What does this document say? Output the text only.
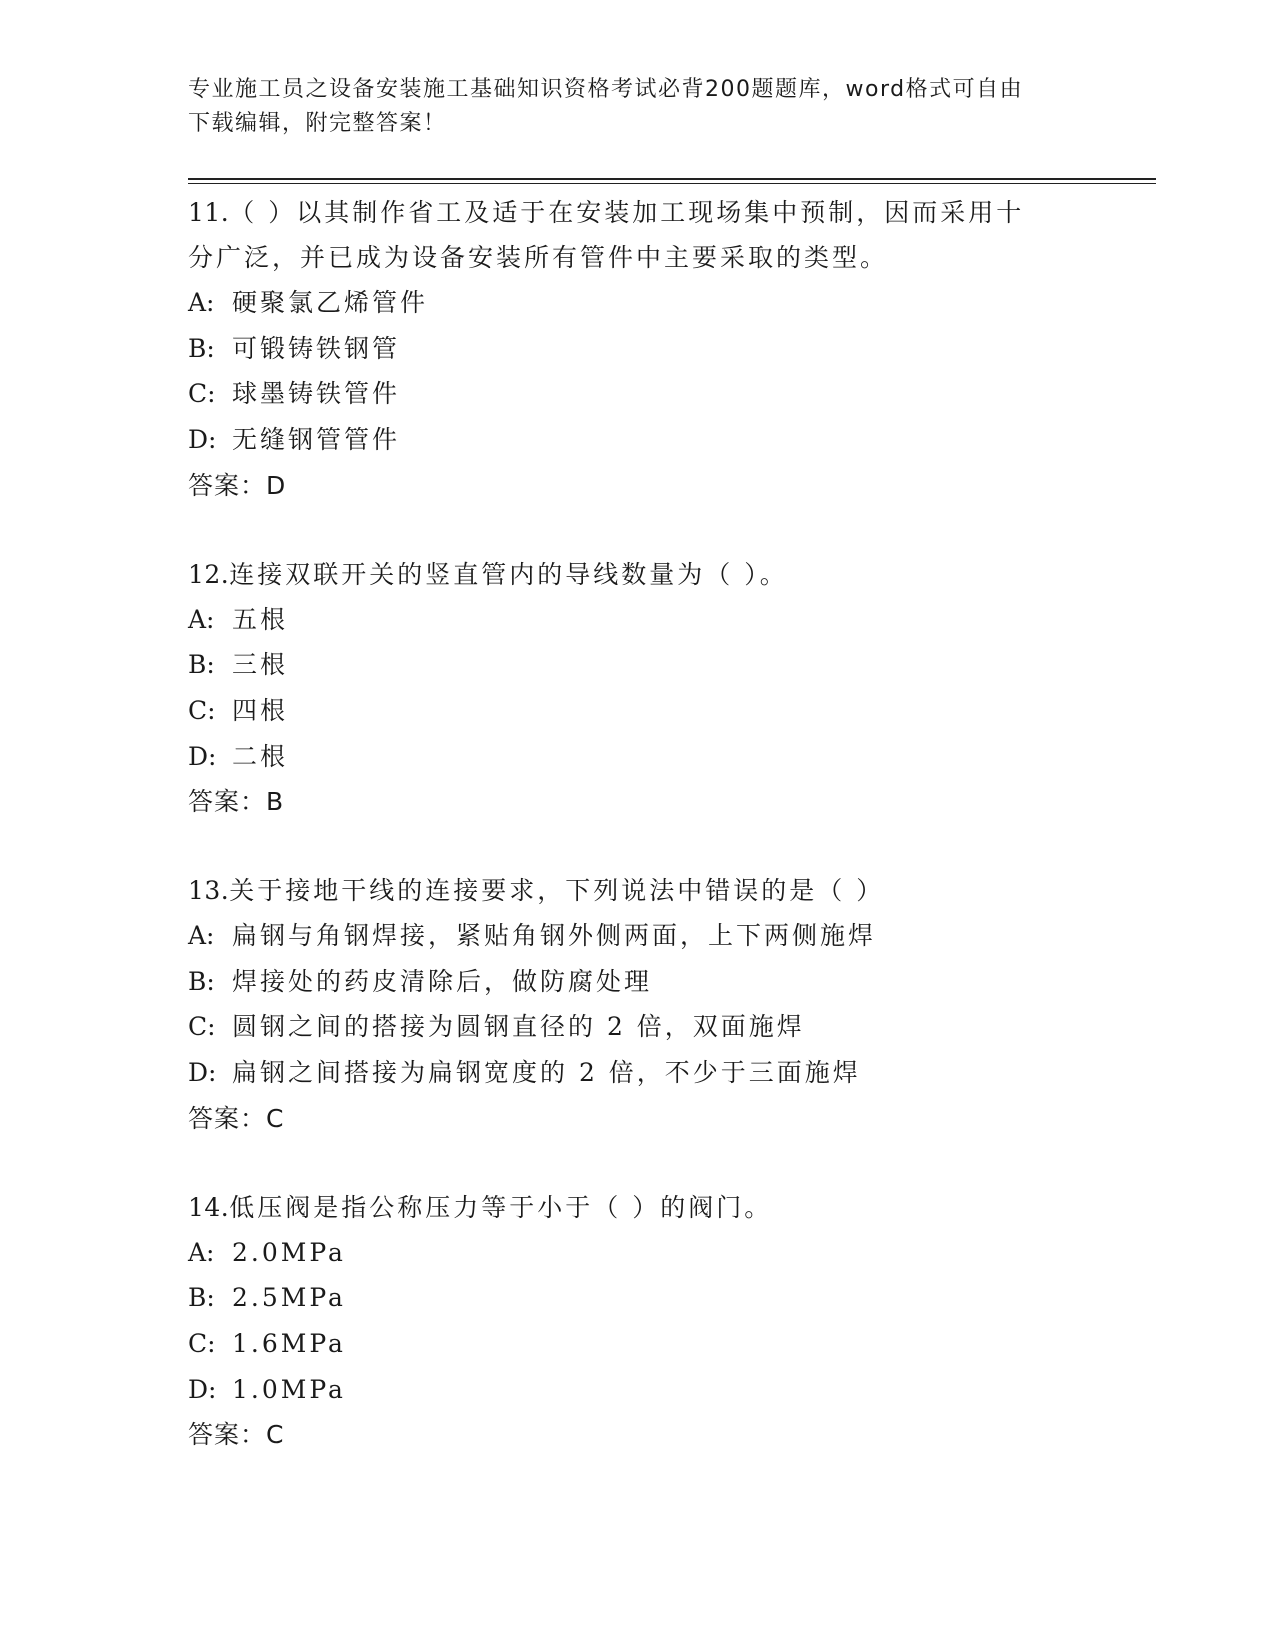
专业施工员之设备安装施工基础知识资格考试必背200题题库，word格式可自由
下载编辑，附完整答案！

11.（ ）以其制作省工及适于在安装加工现场集中预制，因而采用十

分广泛，并已成为设备安装所有管件中主要采取的类型。

A: 硬聚氯乙烯管件

B: 可锻铸铁钢管

C: 球墨铸铁管件

D: 无缝钢管管件

答案：D

12.连接双联开关的竖直管内的导线数量为（ ）。

A: 五根

B: 三根

C: 四根

D: 二根

答案：B

13.关于接地干线的连接要求，下列说法中错误的是（ ）

A: 扁钢与角钢焊接，紧贴角钢外侧两面，上下两侧施焊

B: 焊接处的药皮清除后，做防腐处理

C: 圆钢之间的搭接为圆钢直径的 2 倍，双面施焊

D: 扁钢之间搭接为扁钢宽度的 2 倍，不少于三面施焊

答案：C

14.低压阀是指公称压力等于小于（ ）的阀门。

A: 2.0MPa

B: 2.5MPa

C: 1.6MPa

D: 1.0MPa

答案：C
